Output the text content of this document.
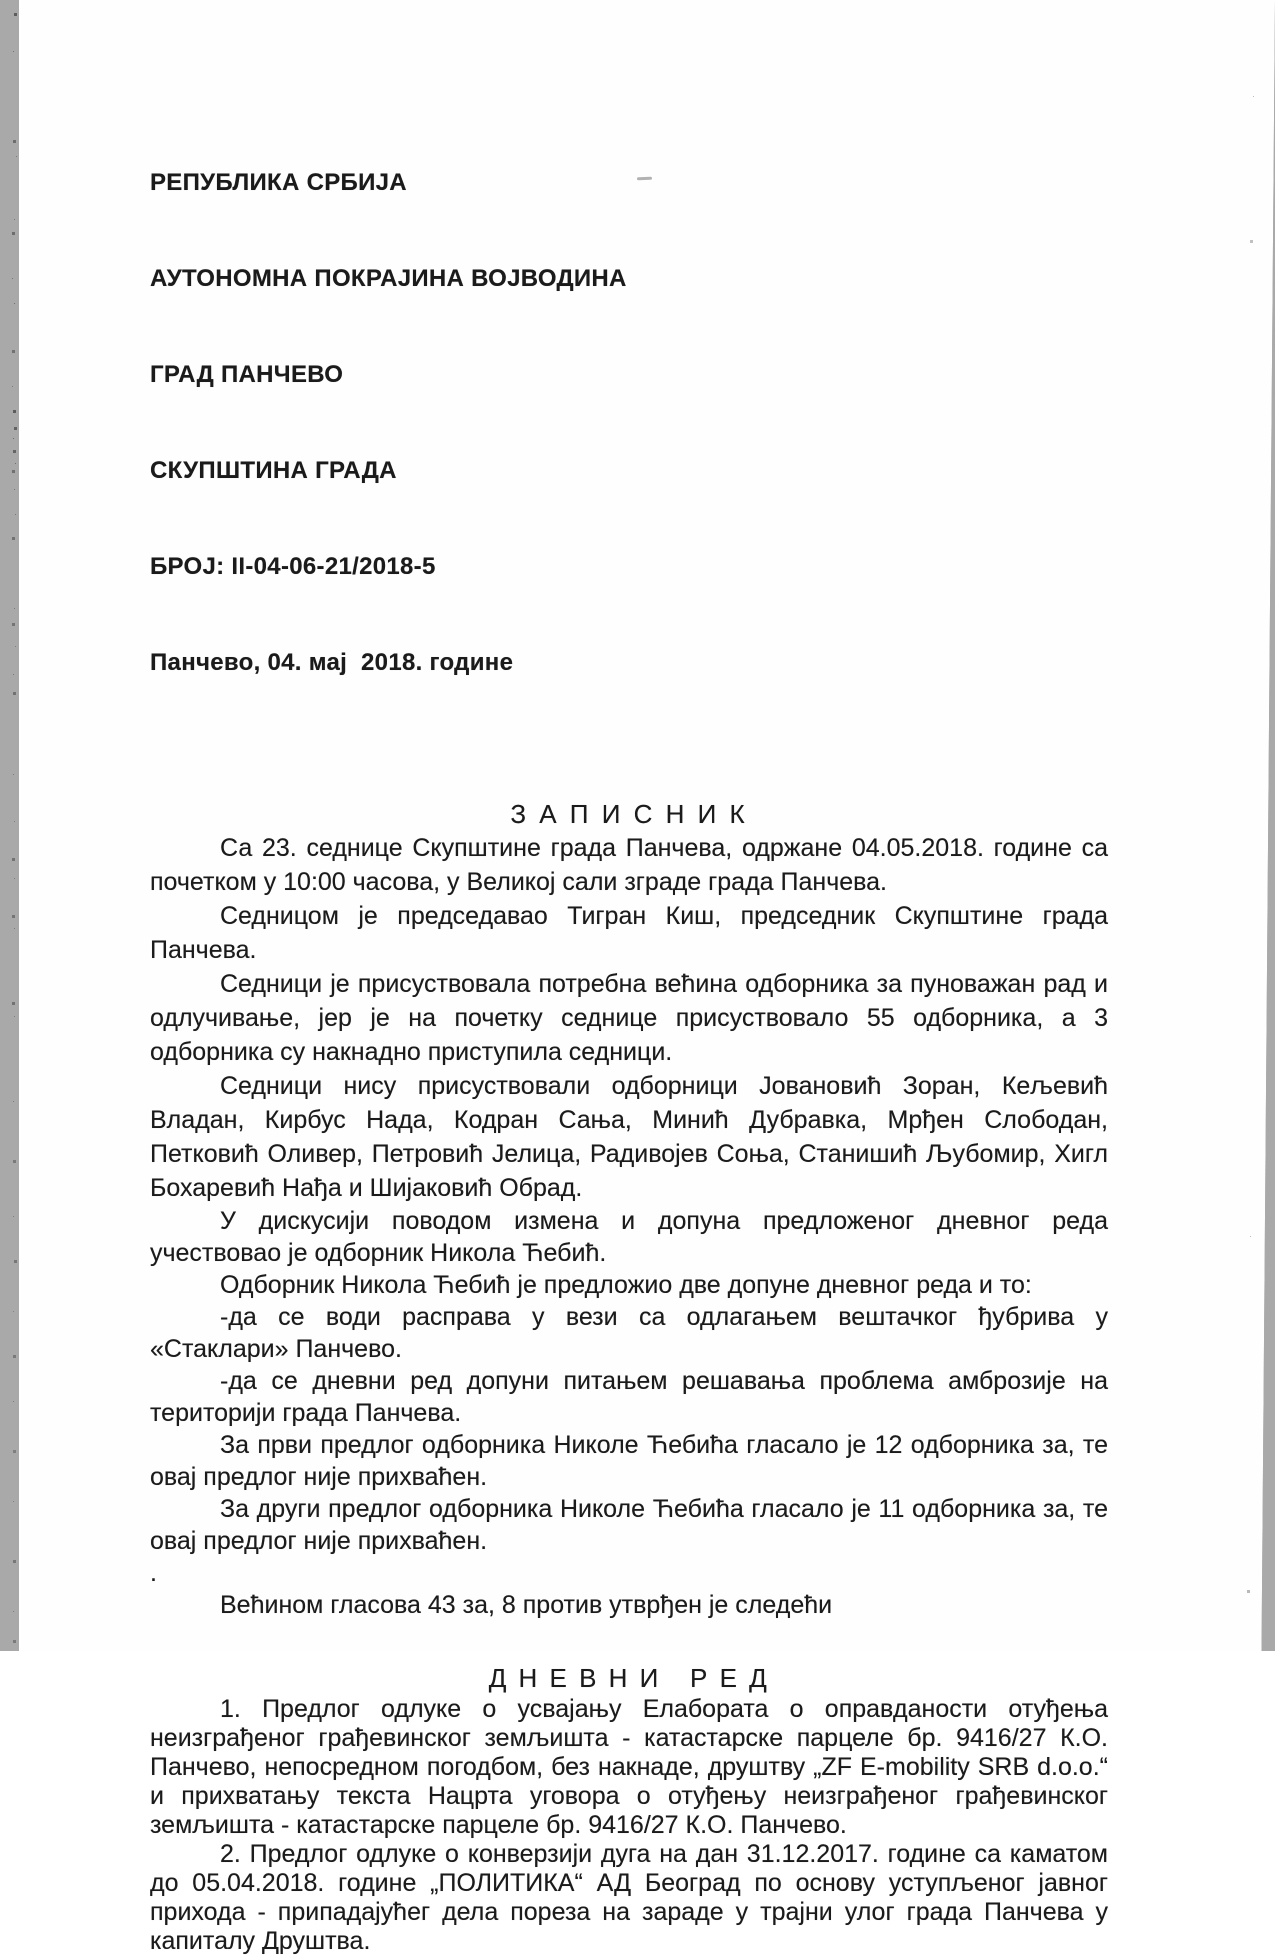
РЕПУБЛИКА СРБИЈА

АУТОНОМНА ПОКРАЈИНА ВОЈВОДИНА

ГРАД ПАНЧЕВО

СКУПШТИНА ГРАДА

БРОЈ: II-04-06-21/2018-5

Панчево, 04. мај  2018. године

З А П И С Н И К

Са 23. седнице Скупштине града Панчева, одржане 04.05.2018. године са почетком у 10:00 часова, у Великој сали зграде града Панчева.

Седницом је председавао Тигран Киш, председник Скупштине града Панчева.

Седници је присуствовала потребна већина одборника за пуноважан рад и одлучивање, јер је на почетку седнице присуствовало 55 одборника, а 3 одборника су накнадно приступила седници.

Седници нису присуствовали одборници Јовановић Зоран, Кељевић Владан, Кирбус Нада, Кодран Сања, Минић Дубравка, Мрђен Слободан, Петковић Оливер, Петровић Јелица, Радивојев Соња, Станишић Љубомир, Хигл Бохаревић Нађа и Шијаковић Обрад.

У дискусији поводом измена и допуна предложеног дневног реда учествовао је одборник Никола Ћебић.

Одборник Никола Ћебић је предложио две допуне дневног реда и то:

-да се води расправа у вези са одлагањем вештачког ђубрива у «Стаклари» Панчево.

-да се дневни ред допуни питањем решавања проблема амброзије на територији града Панчева.

За први предлог одборника Николе Ћебића гласало је 12 одборника за, те овај предлог није прихваћен.

За други предлог одборника Николе Ћебића гласало је 11 одборника за, те овај предлог није прихваћен.

.

Већином гласова 43 за, 8 против утврђен је следећи

Д Н Е В Н И   Р Е Д

1. Предлог одлуке о усвајању Елабората о оправданости отуђења неизграђеног грађевинског земљишта - катастарске парцеле бр. 9416/27 К.О. Панчево, непосредном погодбом, без накнаде, друштву „ZF E-mobility SRB d.o.o.“ и прихватању текста Нацрта уговора о отуђењу неизграђеног грађевинског земљишта - катастарске парцеле бр. 9416/27 К.О. Панчево.

2. Предлог одлуке о конверзији дуга на дан 31.12.2017. године са каматом до 05.04.2018. године „ПОЛИТИКА“ АД Београд по основу уступљеног јавног прихода - припадајућег дела пореза на зараде у трајни улог града Панчева у капиталу Друштва.
